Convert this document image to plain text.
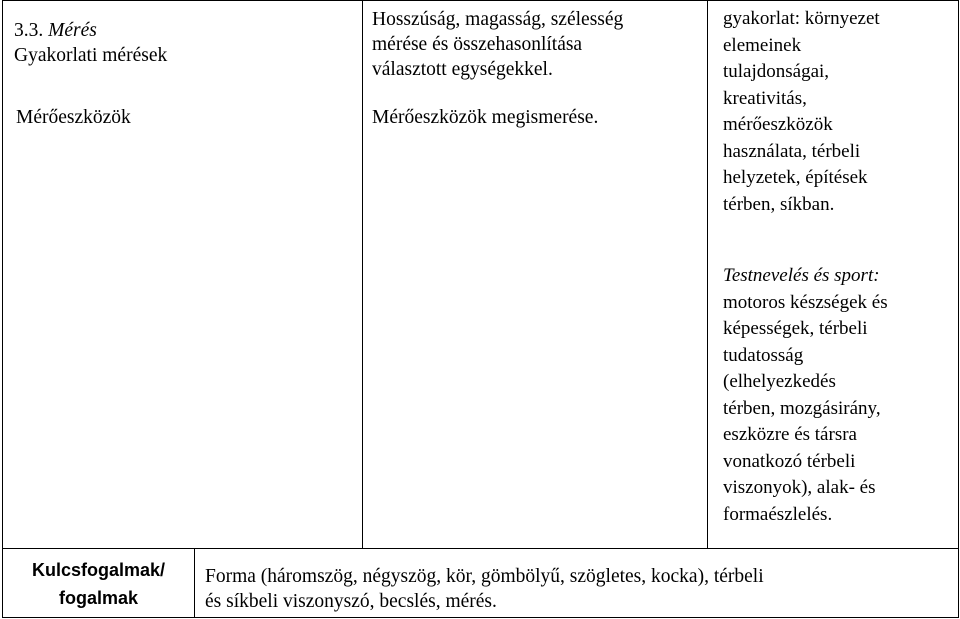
3.3. Mérés
Gyakorlati mérések
Mérőeszközök
Hosszúság, magasság, szélesség
mérése és összehasonlítása
választott egységekkel.
Mérőeszközök megismerése.
gyakorlat: környezet
elemeinek
tulajdonságai,
kreativitás,
mérőeszközök
használata, térbeli
helyzetek, építések
térben, síkban.
Testnevelés és sport:
motoros készségek és
képességek, térbeli
tudatosság
(elhelyezkedés
térben, mozgásirány,
eszközre és társra
vonatkozó térbeli
viszonyok), alak- és
formaészlelés.
Kulcsfogalmak/
fogalmak
Forma (háromszög, négyszög, kör, gömbölyű, szögletes, kocka), térbeli
és síkbeli viszonyszó, becslés, mérés.
